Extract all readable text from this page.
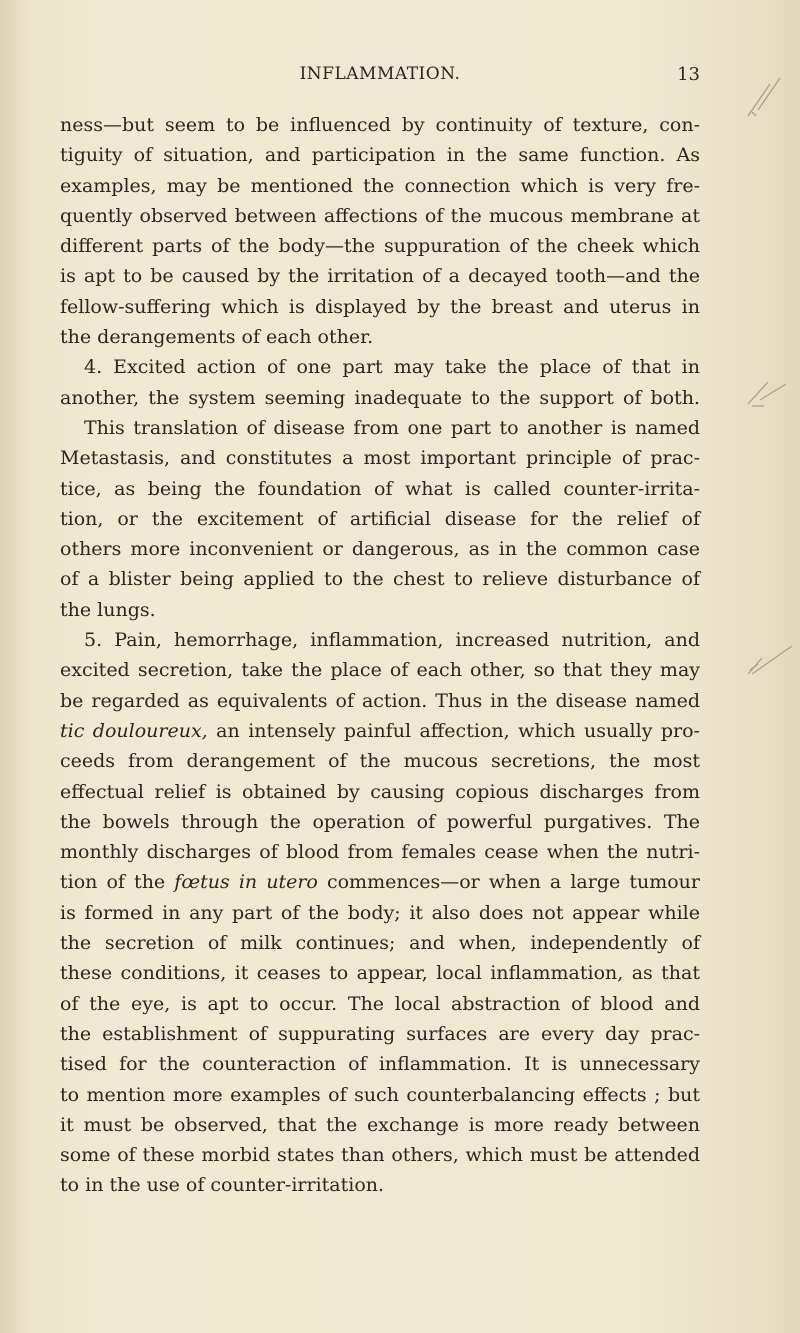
INFLAMMATION.	13
ness—but seem to be influenced by continuity of texture, con-
tiguity of situation, and participation in the same function. As
examples, may be mentioned the connection which is very fre-
quently observed between affections of the mucous membrane at
different parts of the body—the suppuration of the cheek which
is apt to be caused by the irritation of a decayed tooth—and the
fellow-suffering which is displayed by the breast and uterus in
the derangements of each other.
4. Excited action of one part may take the place of that in
another, the system seeming inadequate to the support of both.
This translation of disease from one part to another is named
Metastasis, and constitutes a most important principle of prac-
tice, as being the foundation of what is called counter-irrita-
tion, or the excitement of artificial disease for the relief of
others more inconvenient or dangerous, as in the common case
of a blister being applied to the chest to relieve disturbance of
the lungs.
5. Pain, hemorrhage, inflammation, increased nutrition, and
excited secretion, take the place of each other, so that they may
be regarded as equivalents of action. Thus in the disease named
tic douloureux, an intensely painful affection, which usually pro-
ceeds from derangement of the mucous secretions, the most
effectual relief is obtained by causing copious discharges from
the bowels through the operation of powerful purgatives. The
monthly discharges of blood from females cease when the nutri-
tion of the fœtus in utero commences—or when a large tumour
is formed in any part of the body; it also does not appear while
the secretion of milk continues; and when, independently of
these conditions, it ceases to appear, local inflammation, as that
of the eye, is apt to occur. The local abstraction of blood and
the establishment of suppurating surfaces are every day prac-
tised for the counteraction of inflammation. It is unnecessary
to mention more examples of such counterbalancing effects ; but
it must be observed, that the exchange is more ready between
some of these morbid states than others, which must be attended
to in the use of counter-irritation.
